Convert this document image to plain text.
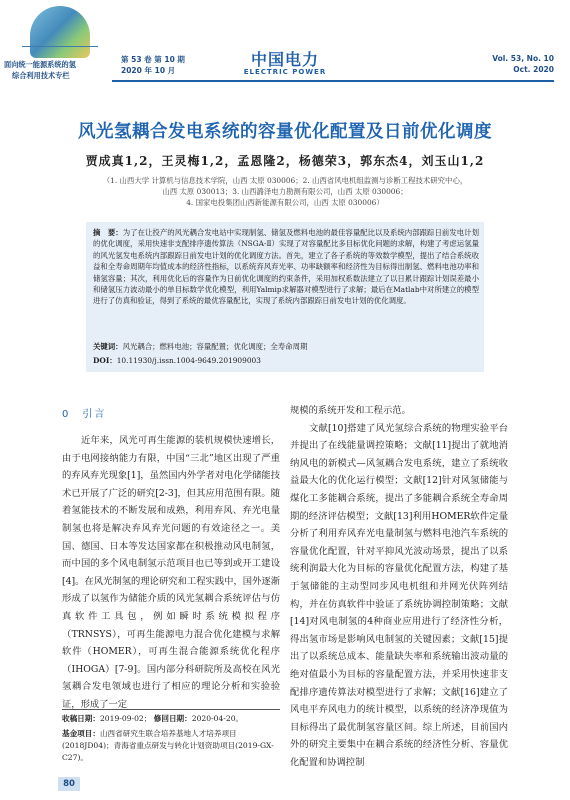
面向统一能源系统的氢
综合利用技术专栏
第 53 卷 第 10 期
2020 年 10 月
中国电力
ELECTRIC POWER
Vol. 53, No. 10
Oct. 2020
风光氢耦合发电系统的容量优化配置及日前优化调度
贾成真1,2，王灵梅1,2，孟恩隆2，杨德荣3，郭东杰4，刘玉山1,2
（1. 山西大学 计算机与信息技术学院，山西 太原 030006；2. 山西省风电机组监测与诊断工程技术研究中心，
山西 太原 030013；3. 山西潞泽电力勘测有限公司，山西 太原 030006；
4. 国家电投集团山西新能源有限公司，山西 太原 030006）
摘　要：为了在让投产的风光耦合发电站中实现制氢、储氢及燃料电池的最佳容量配比以及系统内部跟踪日前发电计划的优化调度，采用快速非支配排序遗传算法（NSGA-Ⅱ）实现了对容量配比多目标优化问题的求解，构建了考虑运氢量的风光氢发电系统内部跟踪日前发电计划的优化调度方法。首先，建立了各子系统的等效数学模型，提出了结合系统收益和全寿命周期年均值成本的经济性指标，以系统弃风弃光率、功率缺额率和经济性为目标得出制氢、燃料电池功率和储氢容量；其次，利用优化后的容量作为日前优化调度的约束条件，采用加权系数法建立了以日累计跟踪计划误差最小和储氢压力波动最小的单目标数学优化模型，利用Yalmip求解器对模型进行了求解；最后在Matlab中对所建立的模型进行了仿真和验证，得到了系统的最优容量配比，实现了系统内部跟踪日前发电计划的优化调度。
关键词：风光耦合；燃料电池；容量配置；优化调度；全寿命周期
DOI：10.11930/j.issn.1004-9649.201909003
0　引言
近年来，风光可再生能源的装机规模快速增长，由于电网接纳能力有限，中国“三北”地区出现了严重的弃风弃光现象[1]，虽然国内外学者对电化学储能技术已开展了广泛的研究[2-3]，但其应用范围有限。随着氢能技术的不断发展和成熟，利用弃风、弃光电量制氢也将是解决弃风弃光问题的有效途径之一。美国、德国、日本等发达国家都在积极推动风电制氢，而中国的多个风电制氢示范项目也已等到或开工建设[4]。在风光制氢的理论研究和工程实践中，国外逐渐形成了以氢作为储能介质的风光氢耦合系统评估与仿真软件工具包，例如瞬时系统模拟程序（TRNSYS），可再生能源电力混合优化建模与求解软件（HOMER），可再生混合能源系统优化程序（IHOGA）[7-9]。国内部分科研院所及高校在风光氢耦合发电领域也进行了相应的理论分析和实验验证，形成了一定

规模的系统开发和工程示范。

文献[10]搭建了风光氢综合系统的物理实验平台并提出了在线能量调控策略；文献[11]提出了就地消纳风电的新模式—风氢耦合发电系统，建立了系统收益最大化的优化运行模型；文献[12]针对风氢储能与煤化工多能耦合系统，提出了多能耦合系统全寿命周期的经济评估模型；文献[13]利用HOMER软件定量分析了利用弃风弃光电量制氢与燃料电池汽车系统的容量优化配置，针对平抑风光波动场景，提出了以系统利润最大化为目标的容量优化配置方法，构建了基于氢储能的主动型同步风电机组和并网光伏阵列结构，并在仿真软件中验证了系统协调控制策略；文献[14]对风电制氢的4种商业应用进行了经济性分析，得出氢市场是影响风电制氢的关键因素；文献[15]提出了以系统总成本、能量缺失率和系统输出波动量的绝对值最小为目标的容量配置方法，并采用快速非支配排序遗传算法对模型进行了求解；文献[16]建立了风电平弃风电力的统计模型，以系统的经济净现值为目标得出了最优制氢容量区间。综上所述，目前国内外的研究主要集中在耦合系统的经济性分析、容量优化配置和协调控制

收稿日期：2019-09-02； 修回日期：2020-04-20。
基金项目：山西省研究生联合培养基地人才培养项目(2018JD04)；青海省重点研发与转化计划资助项目(2019-GX-C27)。
80
